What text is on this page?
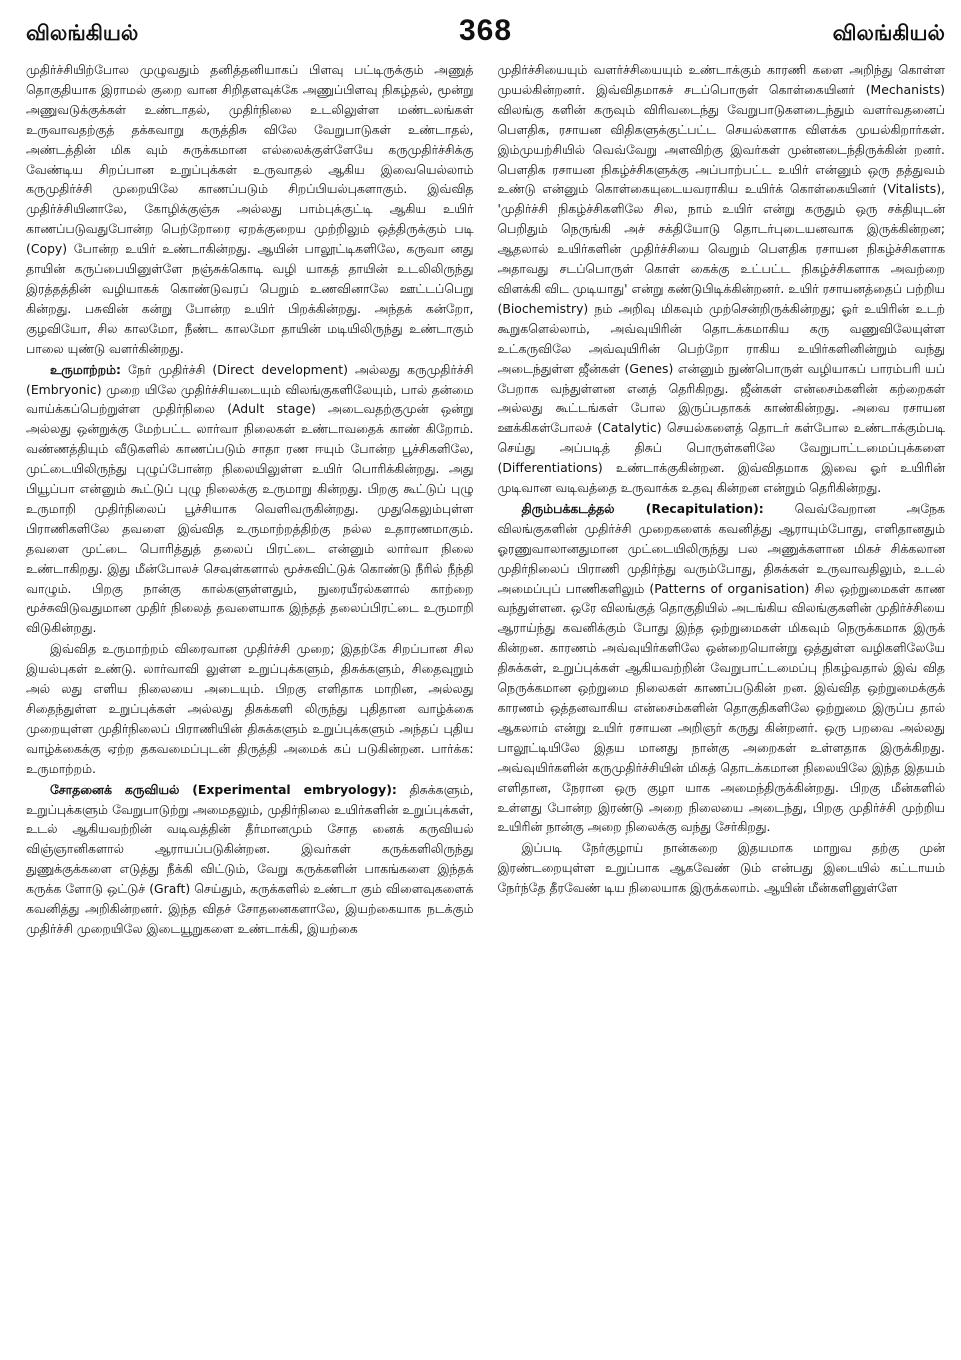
விலங்கியல்	368	விலங்கியல்

முதிர்ச்சியிற்போல முழுவதும் தனித்தனியாகப் பிளவு பட்டிருக்கும் அணுத் தொகுதியாக இராமல் குறை வான சிறிதளவுக்கே அணுப்பிளவு நிகழ்தல், மூன்று அணுவடுக்குக்கள் உண்டாதல், முதிர்நிலை உடலிலுள்ள மண்டலங்கள் உருவாவதற்குத் தக்கவாறு கருத்திசு விலே வேறுபாடுகள் உண்டாதல், அண்டத்தின் மிக வும் சுருக்கமான எல்லைக்குள்ளேயே கருமுதிர்ச்சிக்கு வேண்டிய சிறப்பான உறுப்புக்கள் உருவாதல் ஆகிய இவையெல்லாம் கருமுதிர்ச்சி முறையிலே காணப்படும் சிறப்பியல்புகளாகும். இவ்வித முதிர்ச்சியினாலே, கோழிக்குஞ்சு அல்லது பாம்புக்குட்டி ஆகிய உயிர் காணப்படுவதுபோன்ற பெற்றோரை ஏறக்குறைய முற்றிலும் ஒத்திருக்கும் படி (Copy) போன்ற உயிர் உண்டாகின்றது. ஆயின் பாலூட்டிகளிலே, கருவா னது தாயின் கருப்பையினுள்ளே நஞ்சுக்கொடி வழி யாகத் தாயின் உடலிலிருந்து இரத்தத்தின் வழியாகக் கொண்டுவரப் பெறும் உணவினாலே ஊட்டப்பெறு கின்றது. பசுவின் கன்று போன்ற உயிர் பிறக்கின்றது. அந்தக் கன்றோ, குழவியோ, சில காலமோ, நீண்ட காலமோ தாயின் மடியிலிருந்து உண்டாகும் பாலை யுண்டு வளர்கின்றது.

உருமாற்றம்: நேர் முதிர்ச்சி (Direct development) அல்லது கருமுதிர்ச்சி (Embryonic) முறை யிலே முதிர்ச்சியடையும் விலங்குகளிலேயும், பால் தன்மை வாய்க்கப்பெற்றுள்ள முதிர்நிலை (Adult stage) அடைவதற்குமுன் ஒன்று அல்லது ஒன்றுக்கு மேற்பட்ட லார்வா நிலைகள் உண்டாவதைக் காண் கிறோம். வண்ணத்தியும் வீடுகளில் காணப்படும் சாதா ரண ஈயும் போன்ற பூச்சிகளிலே, முட்டையிலிருந்து புழுப்போன்ற நிலையிலுள்ள உயிர் பொரிக்கின்றது. அது பியூப்பா என்னும் கூட்டுப் புழு நிலைக்கு உருமாறு கின்றது. பிறகு கூட்டுப் புழு உருமாறி முதிர்நிலைப் பூச்சியாக வெளிவருகின்றது. முதுகெலும்புள்ள பிராணிகளிலே தவளை இவ்வித உருமாற்றத்திற்கு நல்ல உதாரணமாகும். தவளை முட்டை பொரித்துத் தலைப் பிரட்டை என்னும் லார்வா நிலை உண்டாகிறது. இது மீன்போலச் செவுள்களால் மூச்சுவிட்டுக் கொண்டு நீரில் நீந்தி வாழும். பிறகு நான்கு கால்களுள்ளதும், நுரையீரல்களால் காற்றை மூச்சுவிடுவதுமான முதிர் நிலைத் தவளையாக இந்தத் தலைப்பிரட்டை உருமாறி விடுகின்றது.

இவ்வித உருமாற்றம் விரைவான முதிர்ச்சி முறை; இதற்கே சிறப்பான சில இயல்புகள் உண்டு. லார்வாவி லுள்ள உறுப்புக்களும், திசுக்களும், சிதைவுறும் அல் லது எளிய நிலையை அடையும். பிறகு எளிதாக மாறின, அல்லது சிதைந்துள்ள உறுப்புக்கள் அல்லது திசுக்களி லிருந்து புதிதான வாழ்க்கை முறையுள்ள முதிர்நிலைப் பிராணியின் திசுக்களும் உறுப்புக்களும் அந்தப் புதிய வாழ்க்கைக்கு ஏற்ற தகவமைப்புடன் திருத்தி அமைக் கப் படுகின்றன. பார்க்க: உருமாற்றம்.

சோதனைக் கருவியல் (Experimental embryology): திசுக்களும், உறுப்புக்களும் வேறுபாடுற்று அமைதலும், முதிர்நிலை உயிர்களின் உறுப்புக்கள், உடல் ஆகியவற்றின் வடிவத்தின் தீர்மானமும் சோத னைக் கருவியல் விஞ்ஞானிகளால் ஆராயப்படுகின்றன. இவர்கள் கருக்களிலிருந்து துணுக்குக்களை எடுத்து நீக்கி விட்டும், வேறு கருக்களின் பாகங்களை இந்தக் கருக்க ளோடு ஒட்டுச் (Graft) செய்தும், கருக்களில் உண்டா கும் விளைவுகளைக் கவனித்து அறிகின்றனர். இந்த விதச் சோதனைகளாலே, இயற்கையாக நடக்கும் முதிர்ச்சி முறையிலே இடையூறுகளை உண்டாக்கி, இயற்கை

முதிர்ச்சியையும் வளர்ச்சியையும் உண்டாக்கும் காரணி களை அறிந்து கொள்ள முயல்கின்றனர். இவ்விதமாகச் சடப்பொருள் கொள்கையினர் (Mechanists) விலங்கு களின் கருவும் விரிவடைந்து வேறுபாடுகளடைந்தும் வளர்வதனைப் பௌதிக, ரசாயன விதிகளுக்குட்பட்ட செயல்களாக விளக்க முயல்கிறார்கள். இம்முயற்சியில் வெவ்வேறு அளவிற்கு இவர்கள் முன்னடைந்திருக்கின் றனர். பௌதிக ரசாயன நிகழ்ச்சிகளுக்கு அப்பாற்பட்ட உயிர் என்னும் ஒரு தத்துவம் உண்டு என்னும் கொள்கையுடையவராகிய உயிர்க் கொள்கையினர் (Vitalists), 'முதிர்ச்சி நிகழ்ச்சிகளிலே சில, நாம் உயிர் என்று கருதும் ஒரு சக்தியுடன் பெறிதும் நெருங்கி அச் சக்தியோடு தொடர்புடையனவாக இருக்கின்றன; ஆதலால் உயிர்களின் முதிர்ச்சியை வெறும் பௌதிக ரசாயன நிகழ்ச்சிகளாக அதாவது சடப்பொருள் கொள் கைக்கு உட்பட்ட நிகழ்ச்சிகளாக அவற்றை விளக்கி விட முடியாது' என்று கண்டுபிடிக்கின்றனர். உயிர் ரசாயனத்தைப் பற்றிய (Biochemistry) நம் அறிவு மிகவும் முற்சென்றிருக்கின்றது; ஓர் உயிரின் உடற் கூறுகளெல்லாம், அவ்வுயிரின் தொடக்கமாகிய கரு வணுவிலேயுள்ள உட்கருவிலே அவ்வுயிரின் பெற்றோ ராகிய உயிர்களினின்றும் வந்து அடைந்துள்ள ஜீன்கள் (Genes) என்னும் நுண்பொருள் வழியாகப் பாரம்பரி யப் பேறாக வந்துள்ளன எனத் தெரிகிறது. ஜீன்கள் என்சைம்களின் கற்றைகள் அல்லது கூட்டங்கள் போல இருப்பதாகக் காண்கின்றது. அவை ரசாயன ஊக்கிகள்போலச் (Catalytic) செயல்களைத் தொடர் கள்போல உண்டாக்கும்படி செய்து அப்படித் திசுப் பொருள்களிலே வேறுபாட்டமைப்புக்களை (Differentiations) உண்டாக்குகின்றன. இவ்விதமாக இவை ஓர் உயிரின் முடிவான வடிவத்தை உருவாக்க உதவு கின்றன என்றும் தெரிகின்றது.

திரும்பக்கடத்தல் (Recapitulation): வெவ்வேறான அநேக விலங்குகளின் முதிர்ச்சி முறைகளைக் கவனித்து ஆராயும்போது, எளிதானதும் ஓரணுவாலானதுமான முட்டையிலிருந்து பல அணுக்களான மிகச் சிக்கலான முதிர்நிலைப் பிராணி முதிர்ந்து வரும்போது, திசுக்கள் உருவாவதிலும், உடல் அமைப்புப் பாணிகளிலும் (Patterns of organisation) சில ஒற்றுமைகள் காண வந்துள்ளன. ஒரே விலங்குத் தொகுதியில் அடங்கிய விலங்குகளின் முதிர்ச்சியை ஆராய்ந்து கவனிக்கும் போது இந்த ஒற்றுமைகள் மிகவும் நெருக்கமாக இருக் கின்றன. காரணம் அவ்வுயிர்களிலே ஒன்றையொன்று ஒத்துள்ள வழிகளிலேயே திசுக்கள், உறுப்புக்கள் ஆகியவற்றின் வேறுபாட்டமைப்பு நிகழ்வதால் இவ் வித நெருக்கமான ஒற்றுமை நிலைகள் காணப்படுகின் றன. இவ்வித ஒற்றுமைக்குக் காரணம் ஒத்தனவாகிய என்சைம்களின் தொகுதிகளிலே ஒற்றுமை இருப்ப தால் ஆகலாம் என்று உயிர் ரசாயன அறிஞர் கருது கின்றனர். ஒரு பறவை அல்லது பாலூட்டியிலே இதய மானது நான்கு அறைகள் உள்ளதாக இருக்கிறது. அவ்வுயிர்களின் கருமுதிர்ச்சியின் மிகத் தொடக்கமான நிலையிலே இந்த இதயம் எளிதான, நேரான ஒரு குழா யாக அமைந்திருக்கின்றது. பிறகு மீன்களில் உள்ளது போன்ற இரண்டு அறை நிலையை அடைந்து, பிறகு முதிர்ச்சி முற்றிய உயிரின் நான்கு அறை நிலைக்கு வந்து சேர்கிறது.

இப்படி நேர்குழாய் நான்கறை இதயமாக மாறுவ தற்கு முன் இரண்டறையுள்ள உறுப்பாக ஆகவேண் டும் என்பது இடையில் கட்டாயம் நேர்ந்தே தீரவேண் டிய நிலையாக இருக்கலாம். ஆயின் மீன்களினுள்ளே
